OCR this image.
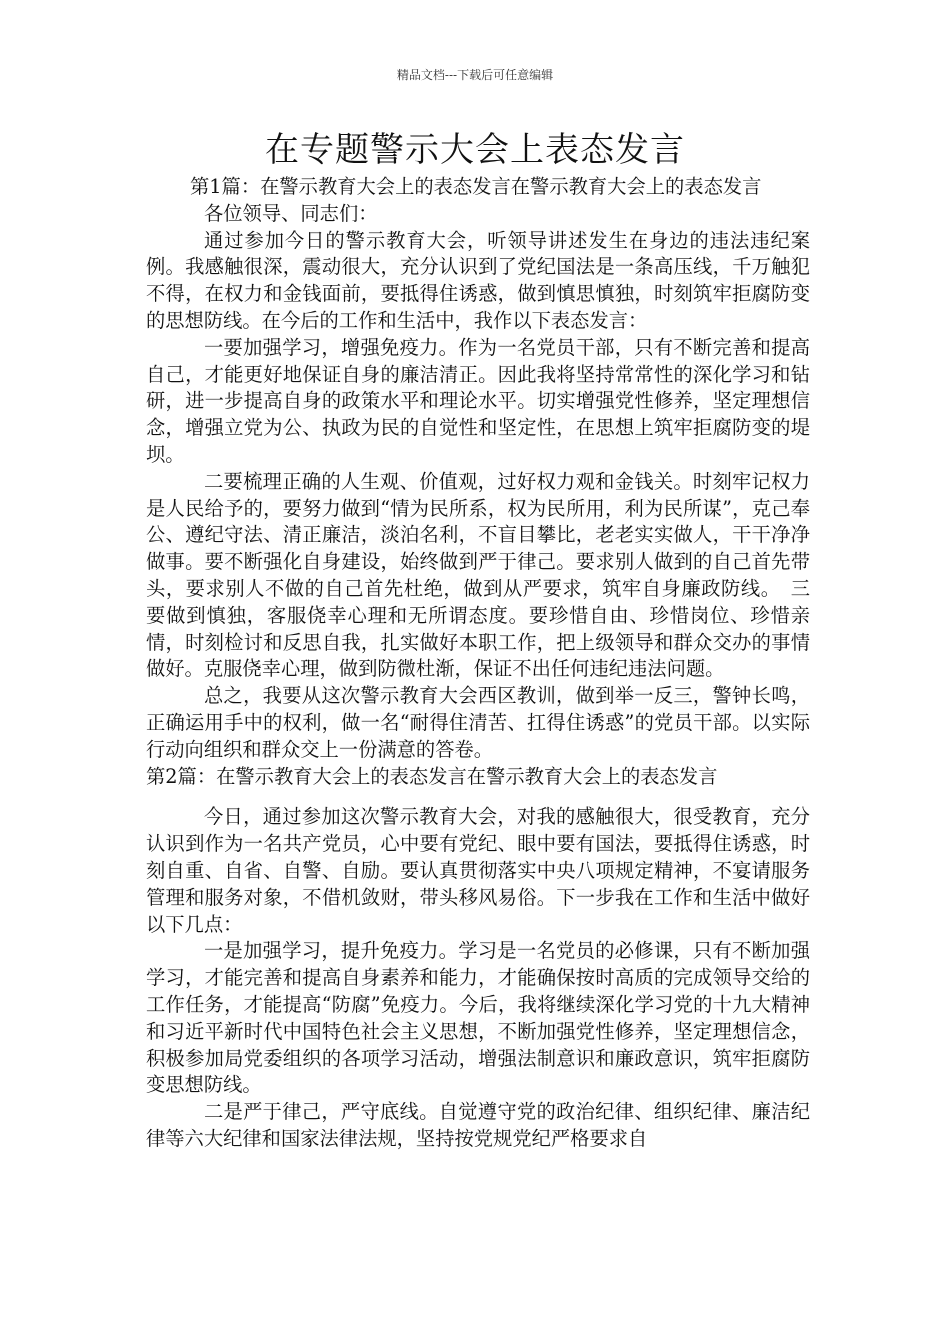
精品文档---下载后可任意编辑
在专题警示大会上表态发言

第1篇：在警示教育大会上的表态发言在警示教育大会上的表态发言

各位领导、同志们：

通过参加今日的警示教育大会，听领导讲述发生在身边的违法违纪案例。我感触很深，震动很大，充分认识到了党纪国法是一条高压线，千万触犯不得，在权力和金钱面前，要抵得住诱惑，做到慎思慎独，时刻筑牢拒腐防变的思想防线。在今后的工作和生活中，我作以下表态发言：

一要加强学习，增强免疫力。作为一名党员干部，只有不断完善和提高自己，才能更好地保证自身的廉洁清正。因此我将坚持常常性的深化学习和钻研，进一步提高自身的政策水平和理论水平。切实增强党性修养，坚定理想信念，增强立党为公、执政为民的自觉性和坚定性，在思想上筑牢拒腐防变的堤坝。

二要梳理正确的人生观、价值观，过好权力观和金钱关。时刻牢记权力是人民给予的，要努力做到“情为民所系，权为民所用，利为民所谋”，克己奉公、遵纪守法、清正廉洁，淡泊名利，不盲目攀比，老老实实做人，干干净净做事。要不断强化自身建设，始终做到严于律己。要求别人做到的自己首先带头，要求别人不做的自己首先杜绝，做到从严要求，筑牢自身廉政防线。　三要做到慎独，客服侥幸心理和无所谓态度。要珍惜自由、珍惜岗位、珍惜亲情，时刻检讨和反思自我，扎实做好本职工作，把上级领导和群众交办的事情做好。克服侥幸心理，做到防微杜渐，保证不出任何违纪违法问题。

总之，我要从这次警示教育大会西区教训，做到举一反三，警钟长鸣，正确运用手中的权利，做一名“耐得住清苦、扛得住诱惑”的党员干部。以实际行动向组织和群众交上一份满意的答卷。

第2篇：在警示教育大会上的表态发言在警示教育大会上的表态发言

今日，通过参加这次警示教育大会，对我的感触很大，很受教育，充分认识到作为一名共产党员，心中要有党纪、眼中要有国法，要抵得住诱惑，时刻自重、自省、自警、自励。要认真贯彻落实中央八项规定精神，不宴请服务管理和服务对象，不借机敛财，带头移风易俗。下一步我在工作和生活中做好以下几点：

一是加强学习，提升免疫力。学习是一名党员的必修课，只有不断加强学习，才能完善和提高自身素养和能力，才能确保按时高质的完成领导交给的工作任务，才能提高“防腐”免疫力。今后，我将继续深化学习党的十九大精神和习近平新时代中国特色社会主义思想，不断加强党性修养，坚定理想信念，积极参加局党委组织的各项学习活动，增强法制意识和廉政意识，筑牢拒腐防变思想防线。

二是严于律己，严守底线。自觉遵守党的政治纪律、组织纪律、廉洁纪律等六大纪律和国家法律法规，坚持按党规党纪严格要求自
